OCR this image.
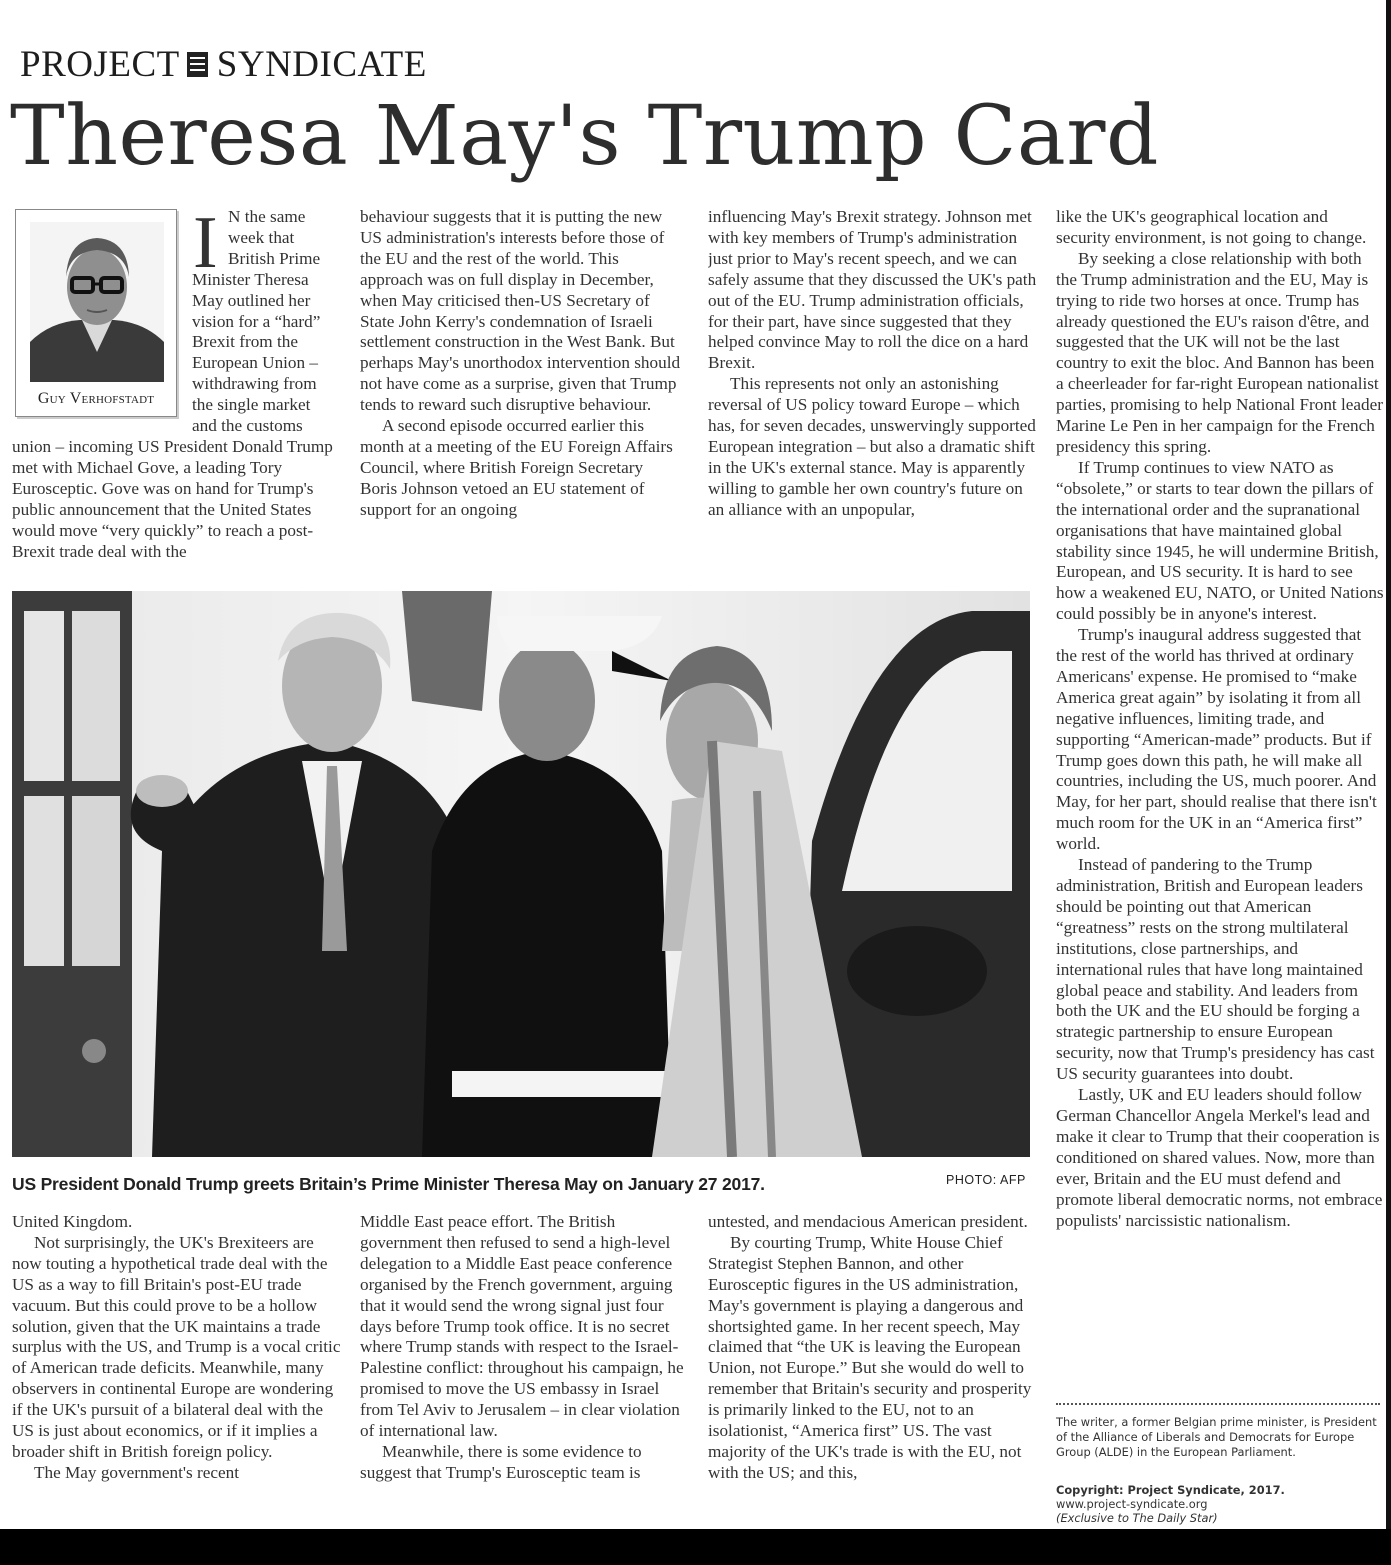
PROJECT SYNDICATE
Theresa May's Trump Card
Guy Verhofstadt
I N the same
week that
British Prime
Minister Theresa
May outlined her
vision for a “hard”
Brexit from the
European Union –
withdrawing from
the single market
and the customs

union – incoming US President Donald Trump met with Michael Gove, a leading Tory Eurosceptic. Gove was on hand for Trump's public announcement that the United States would move “very quickly” to reach a post-Brexit trade deal with the

behaviour suggests that it is putting the new US administration's interests before those of the EU and the rest of the world. This approach was on full display in December, when May criticised then-US Secretary of State John Kerry's condemnation of Israeli settlement construction in the West Bank. But perhaps May's unorthodox intervention should not have come as a surprise, given that Trump tends to reward such disruptive behaviour.

A second episode occurred earlier this month at a meeting of the EU Foreign Affairs Council, where British Foreign Secretary Boris Johnson vetoed an EU statement of support for an ongoing

influencing May's Brexit strategy. Johnson met with key members of Trump's administration just prior to May's recent speech, and we can safely assume that they discussed the UK's path out of the EU. Trump administration officials, for their part, have since suggested that they helped convince May to roll the dice on a hard Brexit.

This represents not only an astonishing reversal of US policy toward Europe – which has, for seven decades, unswervingly supported European integration – but also a dramatic shift in the UK's external stance. May is apparently willing to gamble her own country's future on an alliance with an unpopular,

like the UK's geographical location and security environment, is not going to change.

By seeking a close relationship with both the Trump administration and the EU, May is trying to ride two horses at once. Trump has already questioned the EU's raison d'être, and suggested that the UK will not be the last country to exit the bloc. And Bannon has been a cheerleader for far-right European nationalist parties, promising to help National Front leader Marine Le Pen in her campaign for the French presidency this spring.

If Trump continues to view NATO as “obsolete,” or starts to tear down the pillars of the international order and the supranational organisations that have maintained global stability since 1945, he will undermine British, European, and US security. It is hard to see how a weakened EU, NATO, or United Nations could possibly be in anyone's interest.

Trump's inaugural address suggested that the rest of the world has thrived at ordinary Americans' expense. He promised to “make America great again” by isolating it from all negative influences, limiting trade, and supporting “American-made” products. But if Trump goes down this path, he will make all countries, including the US, much poorer. And May, for her part, should realise that there isn't much room for the UK in an “America first” world.

Instead of pandering to the Trump administration, British and European leaders should be pointing out that American “greatness” rests on the strong multilateral institutions, close partnerships, and international rules that have long maintained global peace and stability. And leaders from both the UK and the EU should be forging a strategic partnership to ensure European security, now that Trump's presidency has cast US security guarantees into doubt.

Lastly, UK and EU leaders should follow German Chancellor Angela Merkel's lead and make it clear to Trump that their cooperation is conditioned on shared values. Now, more than ever, Britain and the EU must defend and promote liberal democratic norms, not embrace populists' narcissistic nationalism.

US President Donald Trump greets Britain’s Prime Minister Theresa May on January 27 2017.	PHOTO: AFP

United Kingdom.

Not surprisingly, the UK's Brexiteers are now touting a hypothetical trade deal with the US as a way to fill Britain's post-EU trade vacuum. But this could prove to be a hollow solution, given that the UK maintains a trade surplus with the US, and Trump is a vocal critic of American trade deficits. Meanwhile, many observers in continental Europe are wondering if the UK's pursuit of a bilateral deal with the US is just about economics, or if it implies a broader shift in British foreign policy.

The May government's recent

Middle East peace effort. The British government then refused to send a high-level delegation to a Middle East peace conference organised by the French government, arguing that it would send the wrong signal just four days before Trump took office. It is no secret where Trump stands with respect to the Israel-Palestine conflict: throughout his campaign, he promised to move the US embassy in Israel from Tel Aviv to Jerusalem – in clear violation of international law.

Meanwhile, there is some evidence to suggest that Trump's Eurosceptic team is

untested, and mendacious American president.

By courting Trump, White House Chief Strategist Stephen Bannon, and other Eurosceptic figures in the US administration, May's government is playing a dangerous and shortsighted game. In her recent speech, May claimed that “the UK is leaving the European Union, not Europe.” But she would do well to remember that Britain's security and prosperity is primarily linked to the EU, not to an isolationist, “America first” US. The vast majority of the UK's trade is with the EU, not with the US; and this,

The writer, a former Belgian prime minister, is President of the Alliance of Liberals and Democrats for Europe Group (ALDE) in the European Parliament.
Copyright: Project Syndicate, 2017.
www.project-syndicate.org
(Exclusive to The Daily Star)
